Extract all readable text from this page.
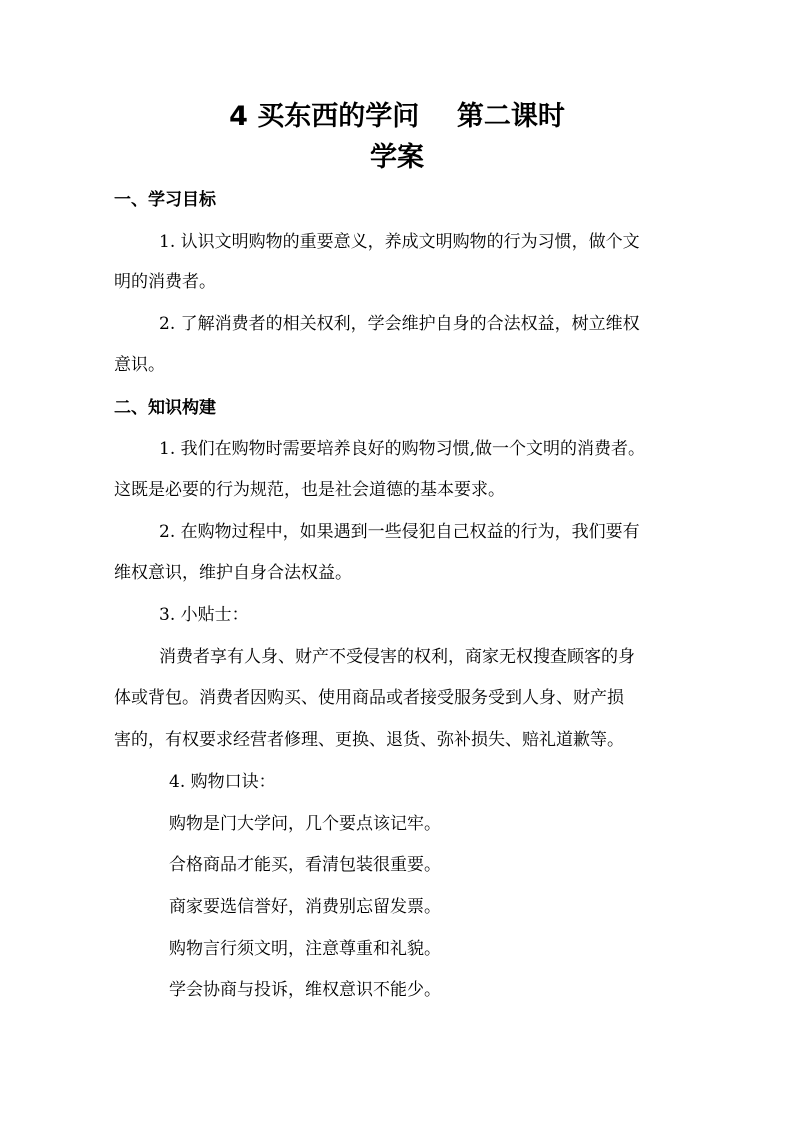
4 买东西的学问    第二课时
学案
一、学习目标
1. 认识文明购物的重要意义，养成文明购物的行为习惯，做个文
明的消费者。
2. 了解消费者的相关权利，学会维护自身的合法权益，树立维权
意识。
二、知识构建
1. 我们在购物时需要培养良好的购物习惯,做一个文明的消费者。
这既是必要的行为规范，也是社会道德的基本要求。
2. 在购物过程中，如果遇到一些侵犯自己权益的行为，我们要有
维权意识，维护自身合法权益。
3. 小贴士：
消费者享有人身、财产不受侵害的权利，商家无权搜查顾客的身
体或背包。消费者因购买、使用商品或者接受服务受到人身、财产损
害的，有权要求经营者修理、更换、退货、弥补损失、赔礼道歉等。
4. 购物口诀：
购物是门大学问，几个要点该记牢。
合格商品才能买，看清包装很重要。
商家要选信誉好，消费别忘留发票。
购物言行须文明，注意尊重和礼貌。
学会协商与投诉，维权意识不能少。
